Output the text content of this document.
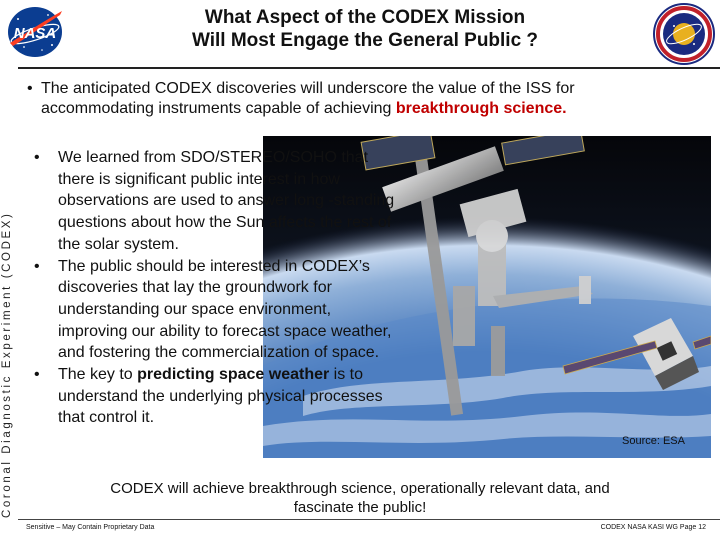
NASA
What Aspect of the CODEX Mission
Will Most Engage the General Public ?
Coronal Diagnostic Experiment (CODEX)
• The anticipated CODEX discoveries will underscore the value of the ISS for accommodating instruments capable of achieving breakthrough science.
• We learned from SDO/STEREO/SOHO that there is significant public interest in how observations are used to answer long -standing questions about how the Sun affects the rest of the solar system.
• The public should be interested in CODEX’s discoveries that lay the groundwork for understanding our space environment, improving our ability to forecast space weather, and fostering the commercialization of space.
• The key to predicting space weather is to understand the underlying physical processes that control it.
Source: ESA
CODEX will achieve breakthrough science, operationally relevant data, and
fascinate the public!
Sensitive – May Contain Proprietary Data	CODEX NASA KASI WG Page 12
